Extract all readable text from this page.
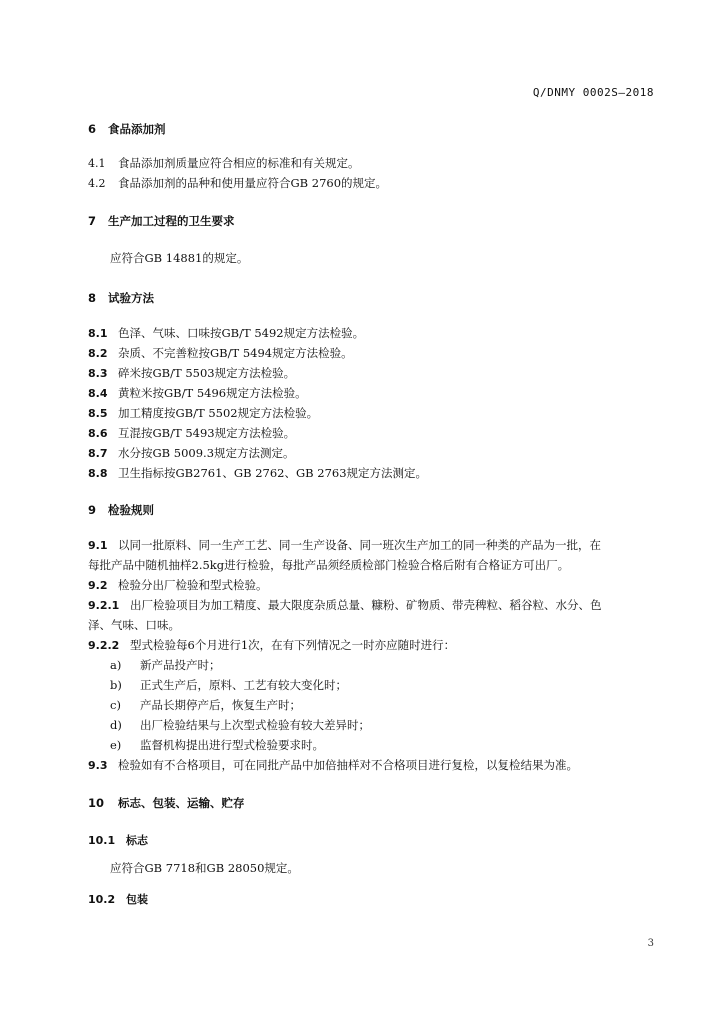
Q/DNMY 0002S—2018
6 食品添加剂
4.1 食品添加剂质量应符合相应的标准和有关规定。
4.2 食品添加剂的品种和使用量应符合GB 2760的规定。
7 生产加工过程的卫生要求
应符合GB 14881的规定。
8 试验方法
8.1 色泽、气味、口味按GB/T 5492规定方法检验。
8.2 杂质、不完善粒按GB/T 5494规定方法检验。
8.3 碎米按GB/T 5503规定方法检验。
8.4 黄粒米按GB/T 5496规定方法检验。
8.5 加工精度按GB/T 5502规定方法检验。
8.6 互混按GB/T 5493规定方法检验。
8.7 水分按GB 5009.3规定方法测定。
8.8 卫生指标按GB2761、GB 2762、GB 2763规定方法测定。
9 检验规则
9.1 以同一批原料、同一生产工艺、同一生产设备、同一班次生产加工的同一种类的产品为一批，在
每批产品中随机抽样2.5kg进行检验，每批产品须经质检部门检验合格后附有合格证方可出厂。
9.2 检验分出厂检验和型式检验。
9.2.1 出厂检验项目为加工精度、最大限度杂质总量、糠粉、矿物质、带壳稗粒、稻谷粒、水分、色
泽、气味、口味。
9.2.2 型式检验每6个月进行1次，在有下列情况之一时亦应随时进行：
a) 新产品投产时；
b) 正式生产后，原料、工艺有较大变化时；
c) 产品长期停产后，恢复生产时；
d) 出厂检验结果与上次型式检验有较大差异时；
e) 监督机构提出进行型式检验要求时。
9.3 检验如有不合格项目，可在同批产品中加倍抽样对不合格项目进行复检，以复检结果为准。
10 标志、包装、运输、贮存
10.1 标志
应符合GB 7718和GB 28050规定。
10.2 包装
3
